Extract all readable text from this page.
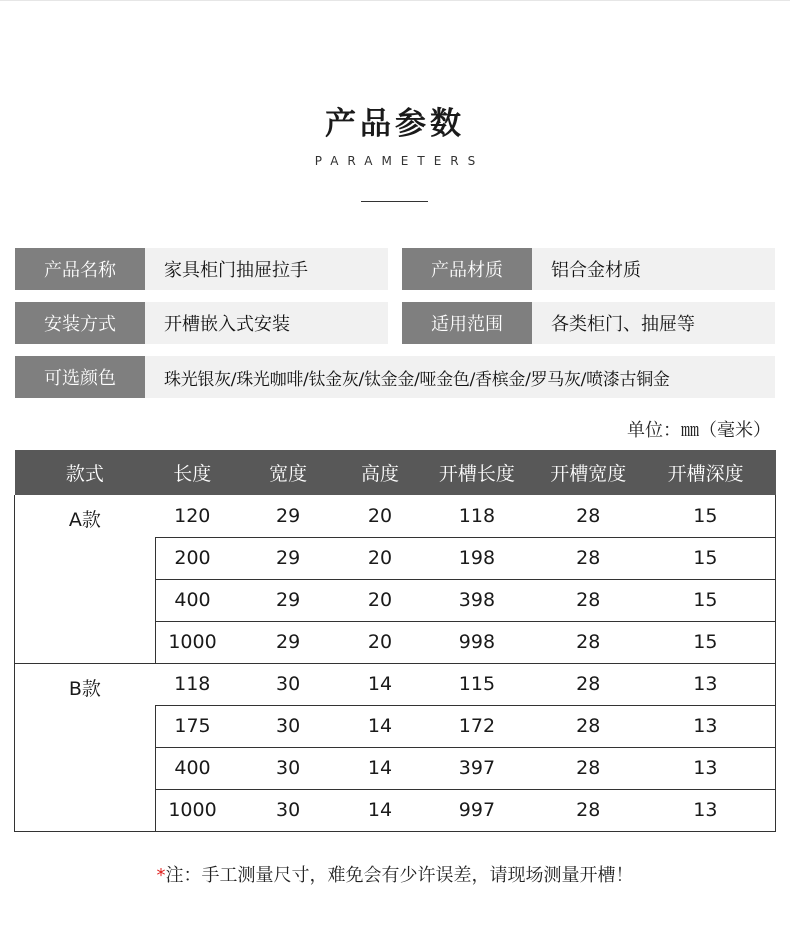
产品参数
PARAMETERS
产品名称	家具柜门抽屉拉手	产品材质	铝合金材质
安装方式	开槽嵌入式安装	适用范围	各类柜门、抽屉等
可选颜色	珠光银灰/珠光咖啡/钛金灰/钛金金/哑金色/香槟金/罗马灰/喷漆古铜金
单位：㎜（毫米）
款式	长度	宽度	高度	开槽长度	开槽宽度	开槽深度
A款	120	29	20	118	28	15
	200	29	20	198	28	15
	400	29	20	398	28	15
	1000	29	20	998	28	15
B款	118	30	14	115	28	13
	175	30	14	172	28	13
	400	30	14	397	28	13
	1000	30	14	997	28	13
*注：手工测量尺寸，难免会有少许误差，请现场测量开槽！
